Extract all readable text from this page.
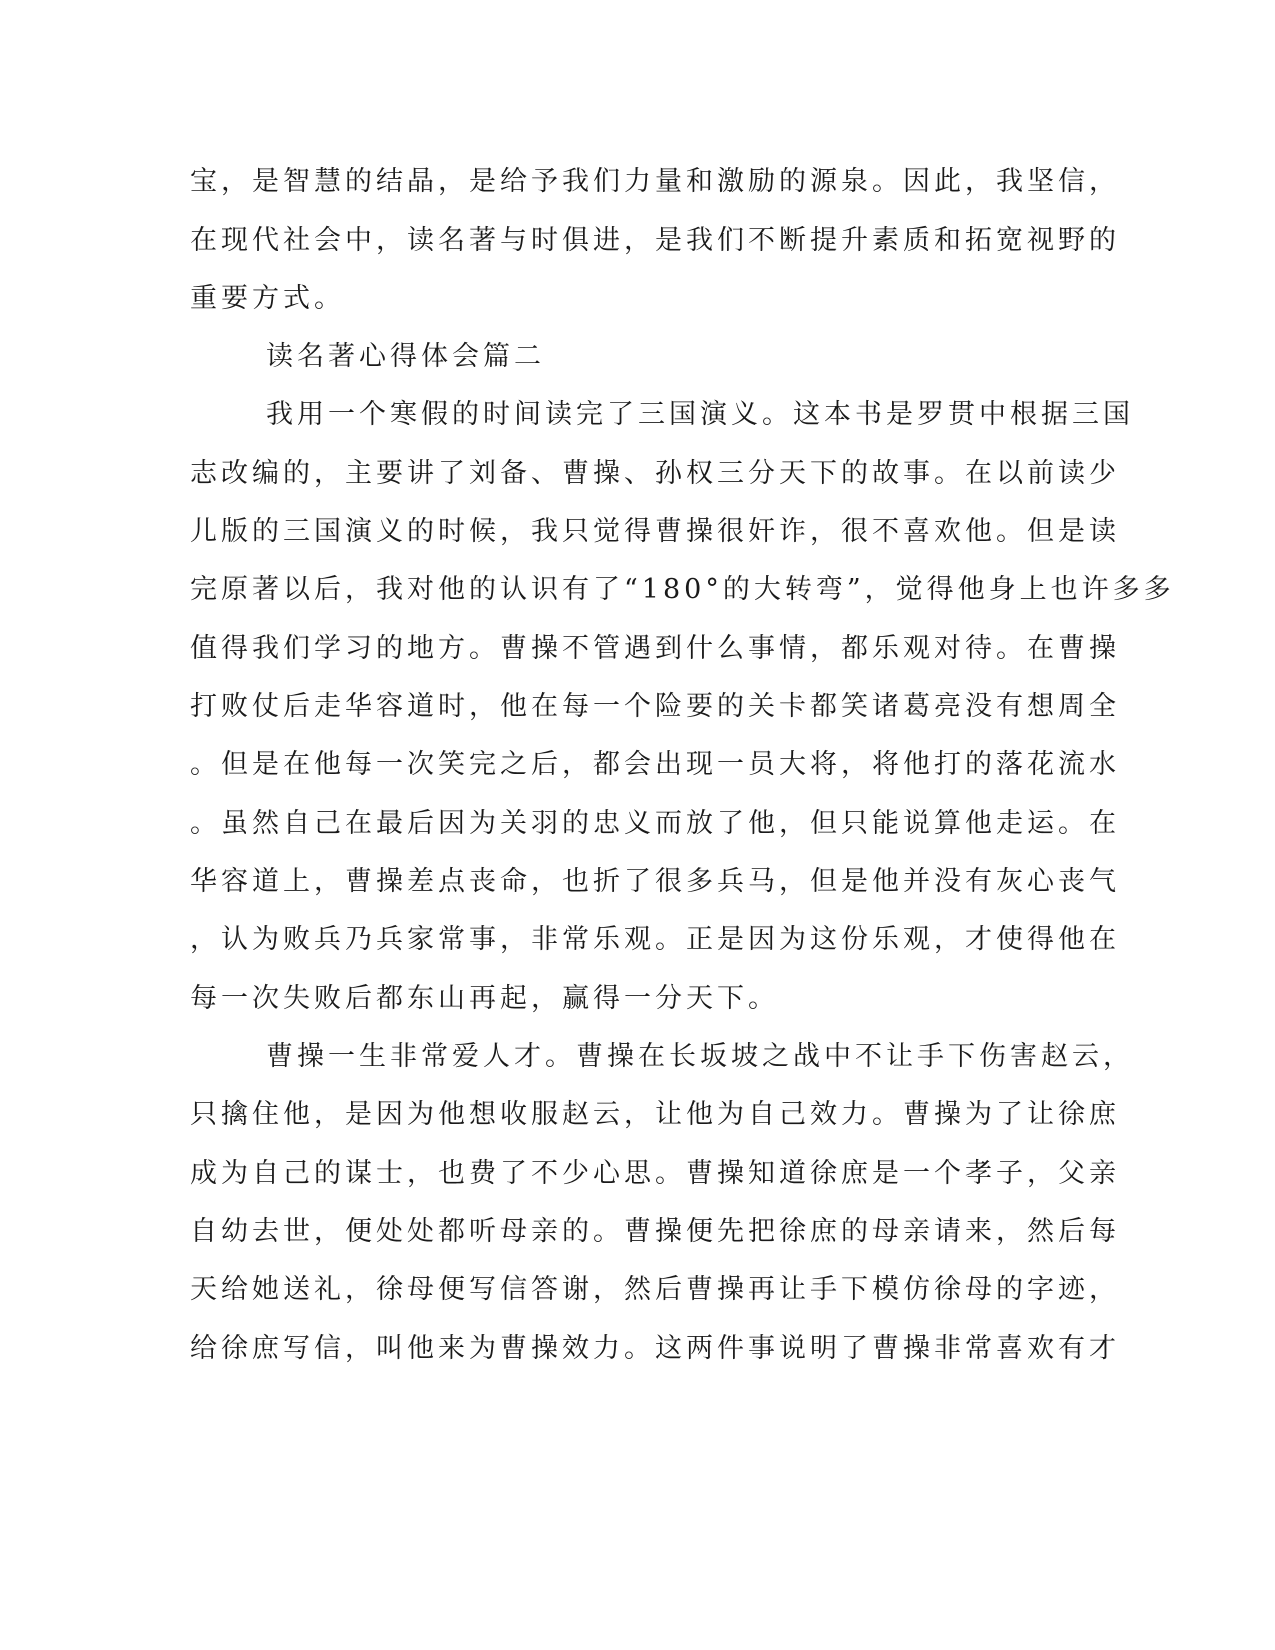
宝，是智慧的结晶，是给予我们力量和激励的源泉。因此，我坚信，

在现代社会中，读名著与时俱进，是我们不断提升素质和拓宽视野的

重要方式。

读名著心得体会篇二

我用一个寒假的时间读完了三国演义。这本书是罗贯中根据三国

志改编的，主要讲了刘备、曹操、孙权三分天下的故事。在以前读少

儿版的三国演义的时候，我只觉得曹操很奸诈，很不喜欢他。但是读

完原著以后，我对他的认识有了“180°的大转弯”，觉得他身上也许多多

值得我们学习的地方。曹操不管遇到什么事情，都乐观对待。在曹操

打败仗后走华容道时，他在每一个险要的关卡都笑诸葛亮没有想周全

。但是在他每一次笑完之后，都会出现一员大将，将他打的落花流水

。虽然自己在最后因为关羽的忠义而放了他，但只能说算他走运。在

华容道上，曹操差点丧命，也折了很多兵马，但是他并没有灰心丧气

，认为败兵乃兵家常事，非常乐观。正是因为这份乐观，才使得他在

每一次失败后都东山再起，赢得一分天下。

曹操一生非常爱人才。曹操在长坂坡之战中不让手下伤害赵云，

只擒住他，是因为他想收服赵云，让他为自己效力。曹操为了让徐庶

成为自己的谋士，也费了不少心思。曹操知道徐庶是一个孝子，父亲

自幼去世，便处处都听母亲的。曹操便先把徐庶的母亲请来，然后每

天给她送礼，徐母便写信答谢，然后曹操再让手下模仿徐母的字迹，

给徐庶写信，叫他来为曹操效力。这两件事说明了曹操非常喜欢有才
